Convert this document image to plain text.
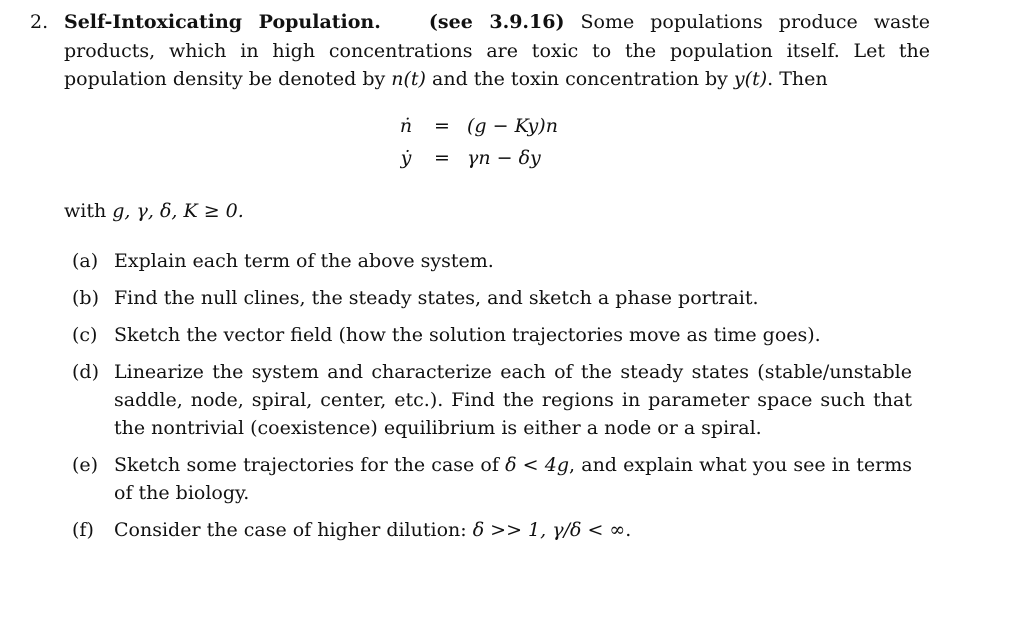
2. Self-Intoxicating Population.	(see 3.9.16) Some populations produce waste products, which in high concentrations are toxic to the population itself. Let the population density be denoted by n(t) and the toxin concentration by y(t). Then
ṅ	= (g − Ky)n
ẏ	= γn − δy
with g, γ, δ, K ≥ 0.
(a) Explain each term of the above system.
(b) Find the null clines, the steady states, and sketch a phase portrait.
(c) Sketch the vector field (how the solution trajectories move as time goes).
(d) Linearize the system and characterize each of the steady states (stable/unstable saddle, node, spiral, center, etc.). Find the regions in parameter space such that the nontrivial (coexistence) equilibrium is either a node or a spiral.
(e) Sketch some trajectories for the case of δ < 4g, and explain what you see in terms of the biology.
(f) Consider the case of higher dilution: δ >> 1, γ/δ < ∞.
